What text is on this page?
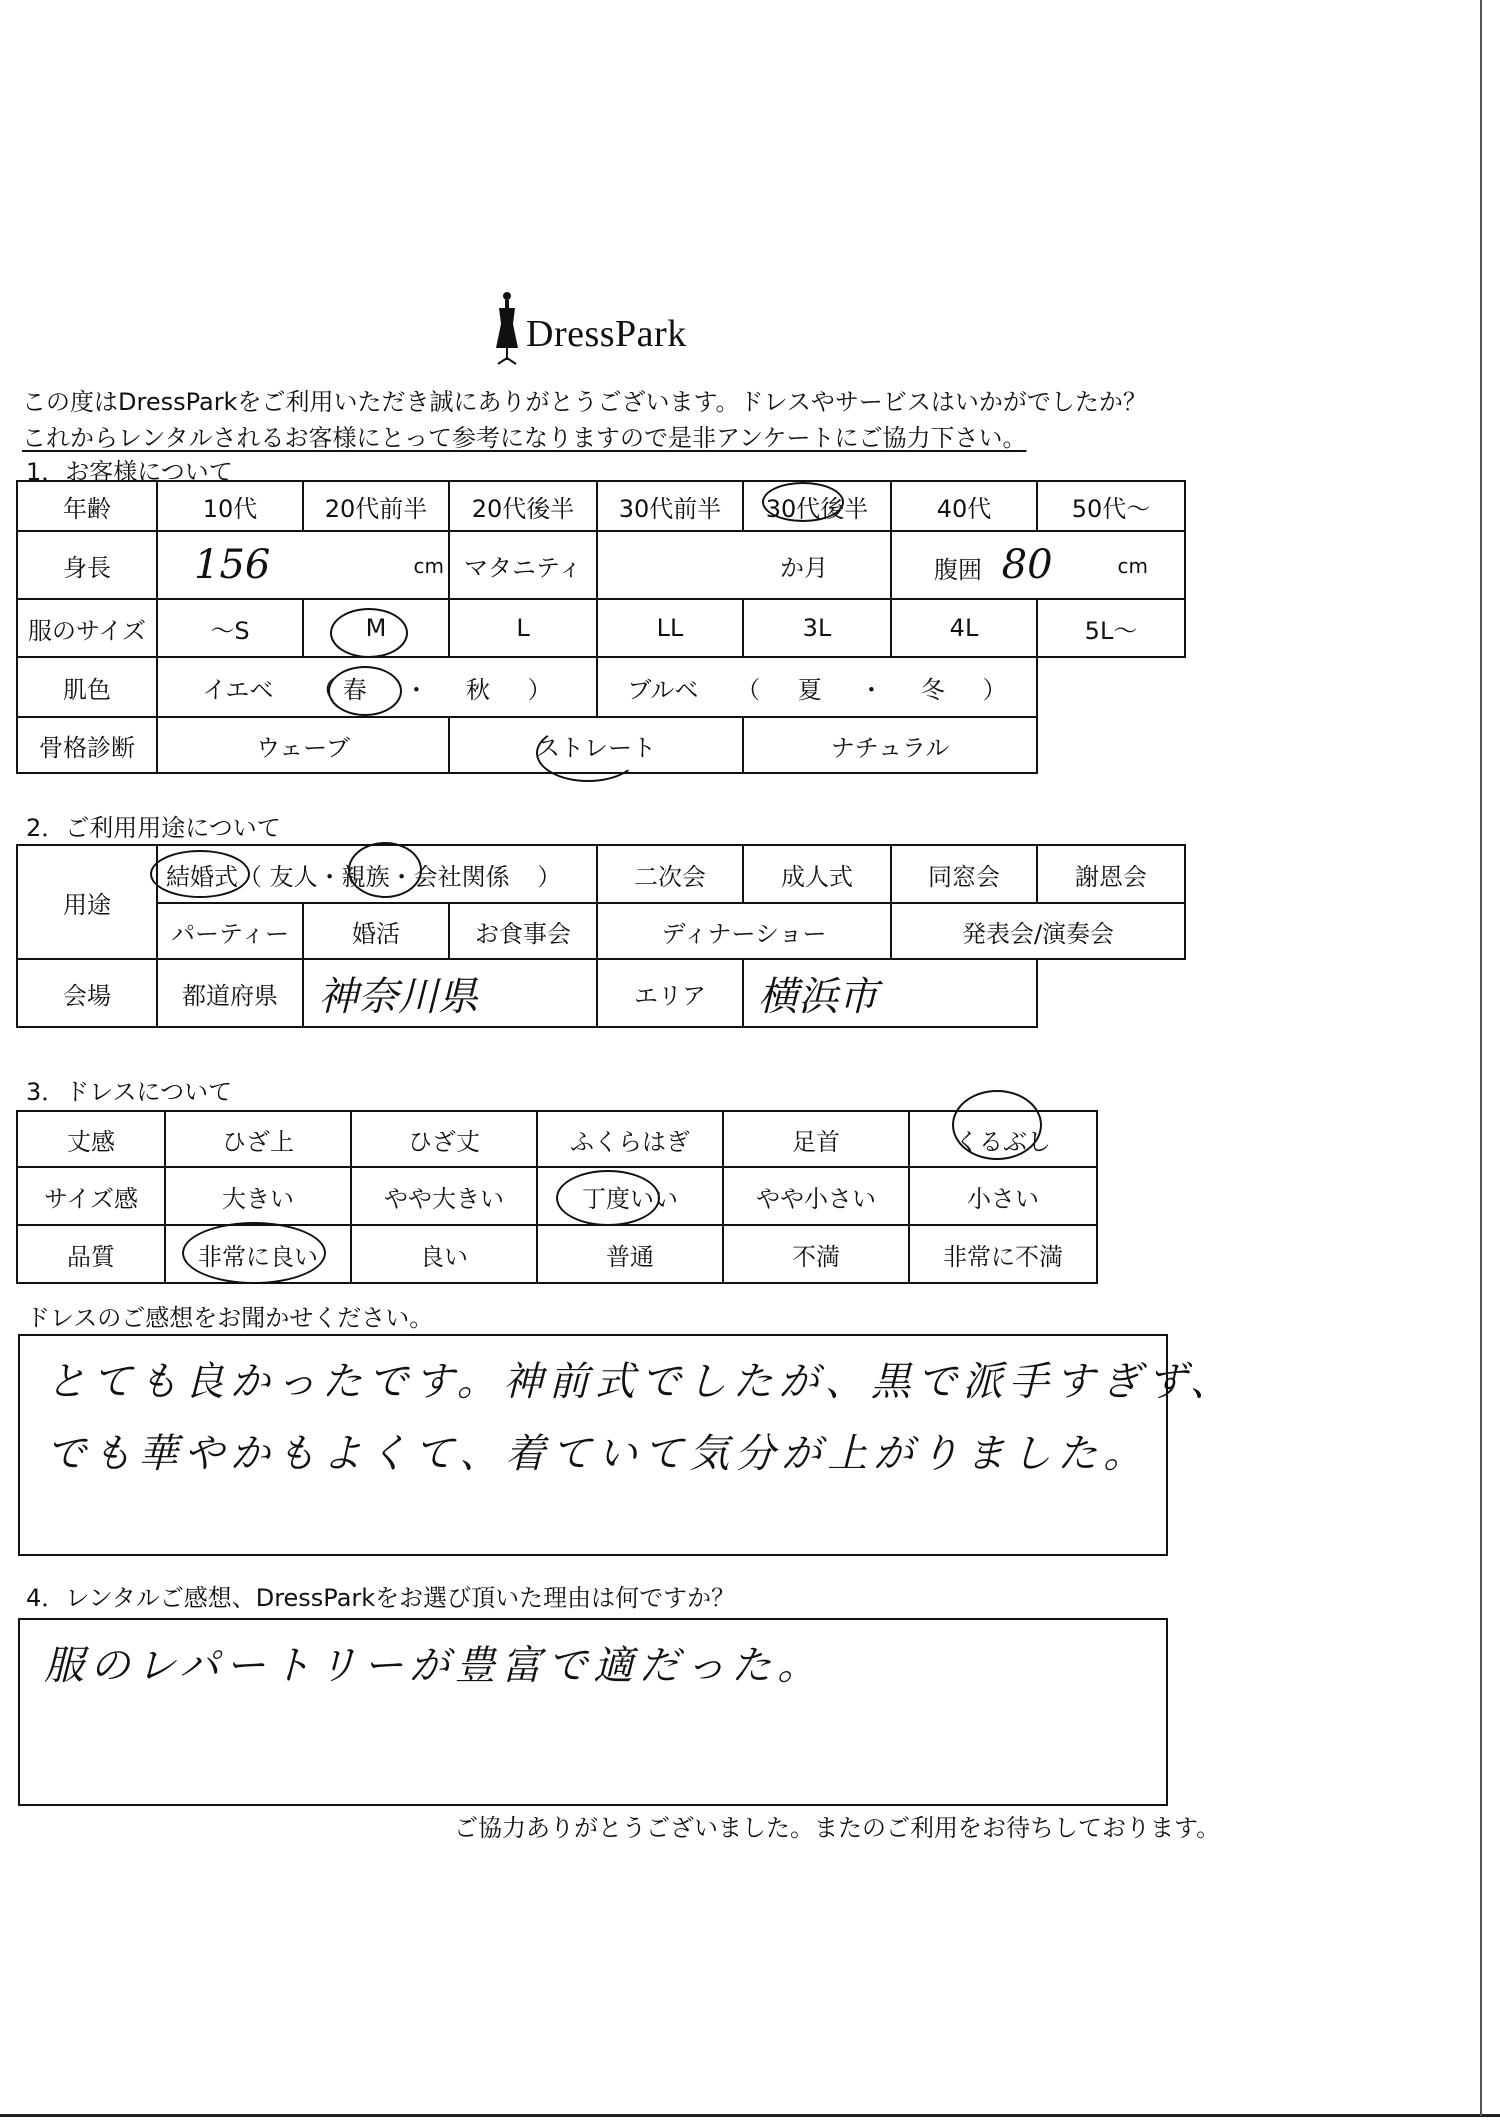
DressPark
この度はDressParkをご利用いただき誠にありがとうございます。ドレスやサービスはいかがでしたか？
これからレンタルされるお客様にとって参考になりますので是非アンケートにご協力下さい。
1．お客様について
年齢	10代	20代前半	20代後半	30代前半	30代後半	40代	50代～
身長	156 cm		マタニティ	か月		腹囲 80 cm	

服のサイズ	～S	M	L	LL	3L	4L	5L～
肌色	イエベ （ 春 ・ 秋 ）			ブルベ （ 夏 ・ 冬 ）			
骨格診断	ウェーブ		ストレート		ナチュラル		
2．ご利用用途について
用途	結婚式（ 友人・親族・会社関係 ）			二次会	成人式	同窓会	謝恩会
	パーティー	婚活	お食事会	ディナーショー		発表会/演奏会	
会場	都道府県	神奈川県		エリア	横浜市		
3．ドレスについて
丈感	ひざ上	ひざ丈	ふくらはぎ	足首	くるぶし
サイズ感	大きい	やや大きい	丁度いい	やや小さい	小さい
品質	非常に良い	良い	普通	不満	非常に不満
ドレスのご感想をお聞かせください。
とても良かったです。神前式でしたが、黒で派手すぎず、
でも華やかもよくて、着ていて気分が上がりました。
4．レンタルご感想、DressParkをお選び頂いた理由は何ですか？
服のレパートリーが豊富で適だった。
ご協力ありがとうございました。またのご利用をお待ちしております。
